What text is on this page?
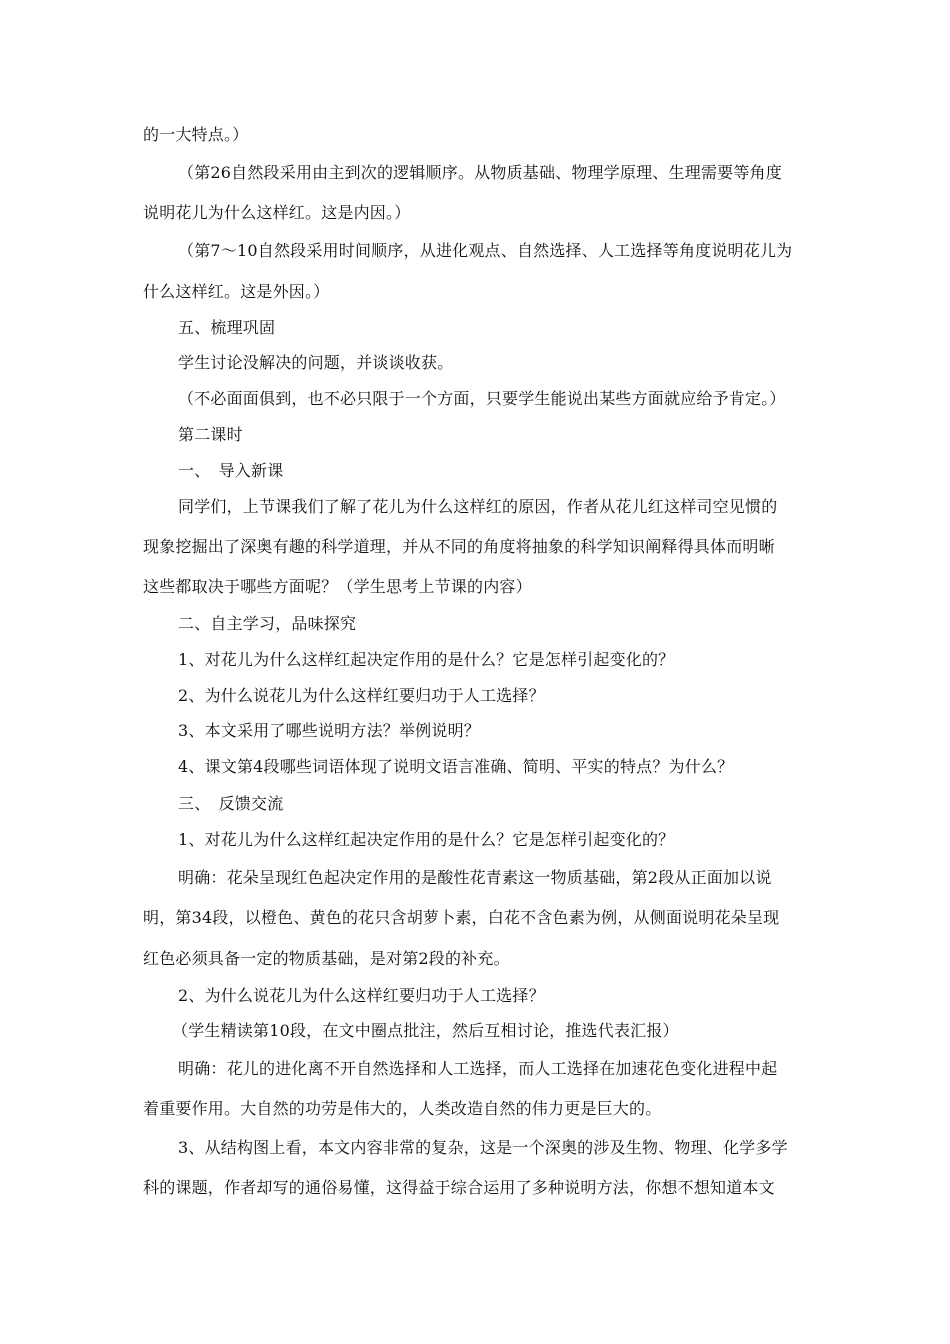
的一大特点。）
（第26自然段采用由主到次的逻辑顺序。从物质基础、物理学原理、生理需要等角度
说明花儿为什么这样红。这是内因。）
（第7～10自然段采用时间顺序，从进化观点、自然选择、人工选择等角度说明花儿为
什么这样红。这是外因。）
五、梳理巩固
学生讨论没解决的问题，并谈谈收获。
（不必面面俱到，也不必只限于一个方面，只要学生能说出某些方面就应给予肯定。）
第二课时
一、　导入新课
同学们，上节课我们了解了花儿为什么这样红的原因，作者从花儿红这样司空见惯的
现象挖掘出了深奥有趣的科学道理，并从不同的角度将抽象的科学知识阐释得具体而明晰
这些都取决于哪些方面呢？（学生思考上节课的内容）
二、自主学习，品味探究
1、对花儿为什么这样红起决定作用的是什么？它是怎样引起变化的？
2、为什么说花儿为什么这样红要归功于人工选择？
3、本文采用了哪些说明方法？举例说明？
4、课文第4段哪些词语体现了说明文语言准确、简明、平实的特点？为什么？
三、　反馈交流
1、对花儿为什么这样红起决定作用的是什么？它是怎样引起变化的？
明确：花朵呈现红色起决定作用的是酸性花青素这一物质基础，第2段从正面加以说
明，第34段，以橙色、黄色的花只含胡萝卜素，白花不含色素为例，从侧面说明花朵呈现
红色必须具备一定的物质基础，是对第2段的补充。
2、为什么说花儿为什么这样红要归功于人工选择？
（学生精读第10段，在文中圈点批注，然后互相讨论，推选代表汇报）
明确：花儿的进化离不开自然选择和人工选择，而人工选择在加速花色变化进程中起
着重要作用。大自然的功劳是伟大的，人类改造自然的伟力更是巨大的。
3、从结构图上看，本文内容非常的复杂，这是一个深奥的涉及生物、物理、化学多学
科的课题，作者却写的通俗易懂，这得益于综合运用了多种说明方法，你想不想知道本文
